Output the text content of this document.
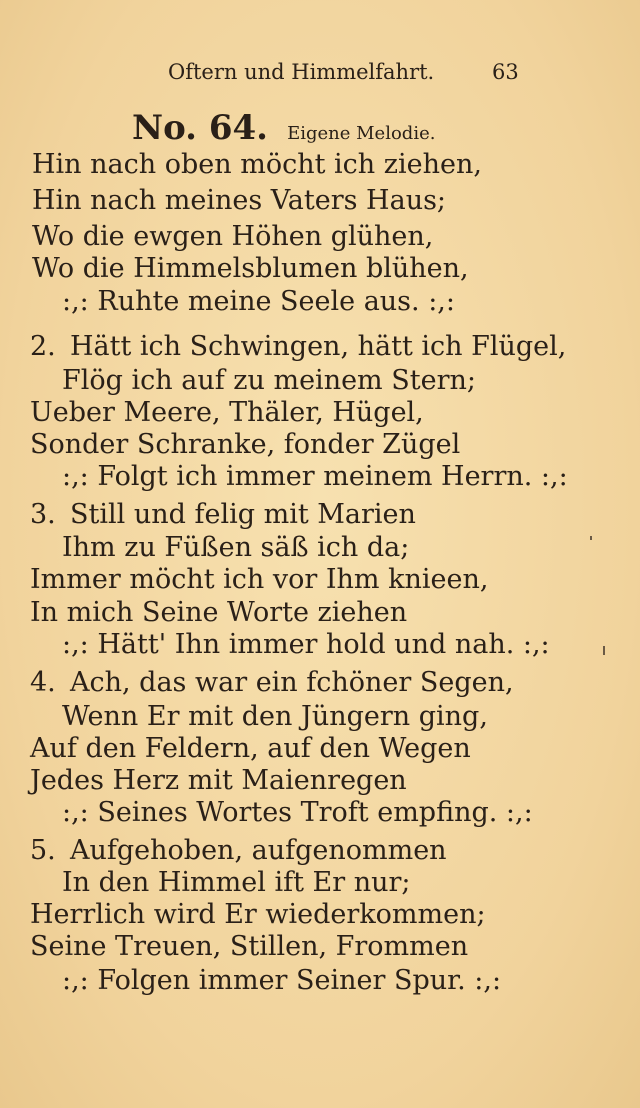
Oftern und Himmelfahrt.	63
No. 64. Eigene Melodie.
Hin nach oben möcht ich ziehen,
Hin nach meines Vaters Haus;
Wo die ewgen Höhen glühen,
Wo die Himmelsblumen blühen,
:,: Ruhte meine Seele aus. :,:
2. Hätt ich Schwingen, hätt ich Flügel,
Flög ich auf zu meinem Stern;
Ueber Meere, Thäler, Hügel,
Sonder Schranke, fonder Zügel
:,: Folgt ich immer meinem Herrn. :,:
3. Still und felig mit Marien
Ihm zu Füßen säß ich da;
Immer möcht ich vor Ihm knieen,
In mich Seine Worte ziehen
:,: Hätt' Ihn immer hold und nah. :,:
4. Ach, das war ein fchöner Segen,
Wenn Er mit den Jüngern ging,
Auf den Feldern, auf den Wegen
Jedes Herz mit Maienregen
:,: Seines Wortes Troft empfing. :,:
5. Aufgehoben, aufgenommen
In den Himmel ift Er nur;
Herrlich wird Er wiederkommen;
Seine Treuen, Stillen, Frommen
:,: Folgen immer Seiner Spur. :,:
